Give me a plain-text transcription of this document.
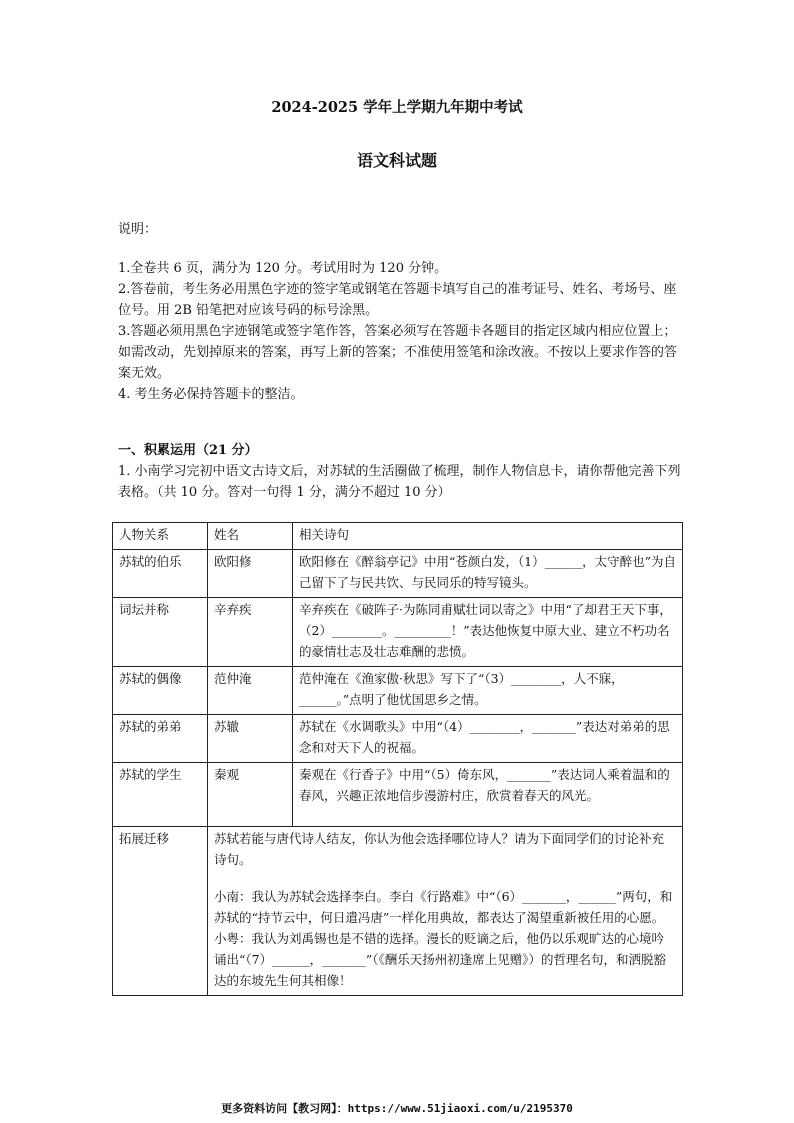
2024-2025 学年上学期九年期中考试
语文科试题

说明：

1.全卷共 6 页，满分为 120 分。考试用时为 120 分钟。

2.答卷前，考生务必用黑色字迹的签字笔或钢笔在答题卡填写自己的准考证号、姓名、考场号、座位号。用 2B 铅笔把对应该号码的标号涂黑。

3.答题必须用黑色字迹钢笔或签字笔作答，答案必须写在答题卡各题目的指定区域内相应位置上；如需改动，先划掉原来的答案，再写上新的答案；不准使用签笔和涂改液。不按以上要求作答的答案无效。

4. 考生务必保持答题卡的整洁。

一、积累运用（21 分）

1. 小南学习完初中语文古诗文后，对苏轼的生活圈做了梳理，制作人物信息卡，请你帮他完善下列表格。（共 10 分。答对一句得 1 分，满分不超过 10 分）

人物关系	姓名	相关诗句
苏轼的伯乐	欧阳修	欧阳修在《醉翁亭记》中用“苍颜白发，（1）______，太守醉也”为自己留下了与民共饮、与民同乐的特写镜头。
词坛并称	辛弃疾	辛弃疾在《破阵子·为陈同甫赋壮词以寄之》中用“了却君王天下事，（2）________。_________！”表达他恢复中原大业、建立不朽功名的豪情壮志及壮志难酬的悲愤。
苏轼的偶像	范仲淹	范仲淹在《渔家傲·秋思》写下了“（3）________，人不寐，______。”点明了他忧国思乡之情。
苏轼的弟弟	苏辙	苏轼在《水调歌头》中用“（4）________，_______”表达对弟弟的思念和对天下人的祝福。
苏轼的学生	秦观	秦观在《行香子》中用“（5）倚东风，_______”表达词人乘着温和的春风，兴趣正浓地信步漫游村庄，欣赏着春天的风光。

拓展迁移	苏轼若能与唐代诗人结友，你认为他会选择哪位诗人？请为下面同学们的讨论补充诗句。

小南：我认为苏轼会选择李白。李白《行路难》中“（6）_______，______”两句，和苏轼的“持节云中，何日遣冯唐”一样化用典故，都表达了渴望重新被任用的心愿。

小粤：我认为刘禹锡也是不错的选择。漫长的贬谪之后，他仍以乐观旷达的心境吟诵出“（7）______，_______”（《酬乐天扬州初逢席上见赠》）的哲理名句，和洒脱豁达的东坡先生何其相像！	

更多资料访问【教习网】：https://www.51jiaoxi.com/u/2195370
